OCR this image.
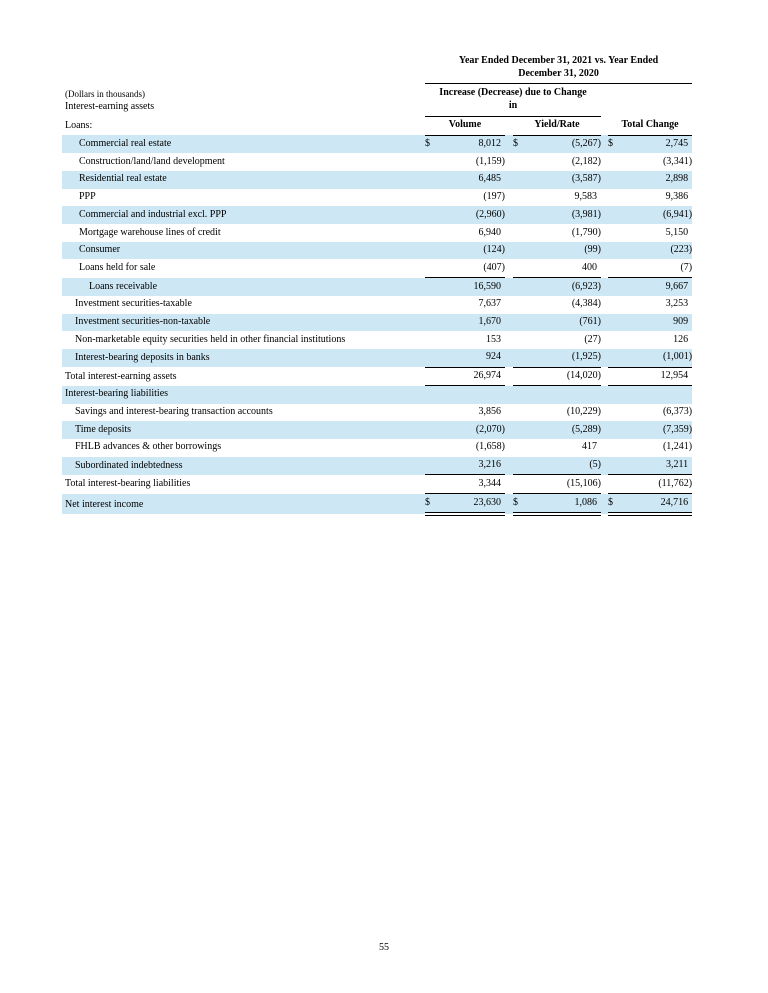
	Year Ended December 31, 2021 vs. Year Ended
December 31, 2020							

(Dollars in thousands)
Interest-earning assets

Increase (Decrease) due to Change
in

Loans:	Volume			Yield/Rate			Total Change	
Commercial real estate	$	8,012		$	(5,267)		$	2,745
Construction/land/land development		(1,159)			(2,182)			(3,341)
Residential real estate		6,485			(3,587)			2,898
PPP		(197)			9,583			9,386
Commercial and industrial excl. PPP		(2,960)			(3,981)			(6,941)
Mortgage warehouse lines of credit		6,940			(1,790)			5,150
Consumer		(124)			(99)			(223)
Loans held for sale		(407)			400			(7)
Loans receivable		16,590			(6,923)			9,667
Investment securities-taxable		7,637			(4,384)			3,253
Investment securities-non-taxable		1,670			(761)			909
Non-marketable equity securities held in other financial institutions		153			(27)			126
Interest-bearing deposits in banks		924			(1,925)			(1,001)
Total interest-earning assets		26,974			(14,020)			12,954
Interest-bearing liabilities								
Savings and interest-bearing transaction accounts		3,856			(10,229)			(6,373)
Time deposits		(2,070)			(5,289)			(7,359)
FHLB advances & other borrowings		(1,658)			417			(1,241)
Subordinated indebtedness		3,216			(5)			3,211
Total interest-bearing liabilities		3,344			(15,106)			(11,762)
Net interest income	$	23,630		$	1,086		$	24,716
55
